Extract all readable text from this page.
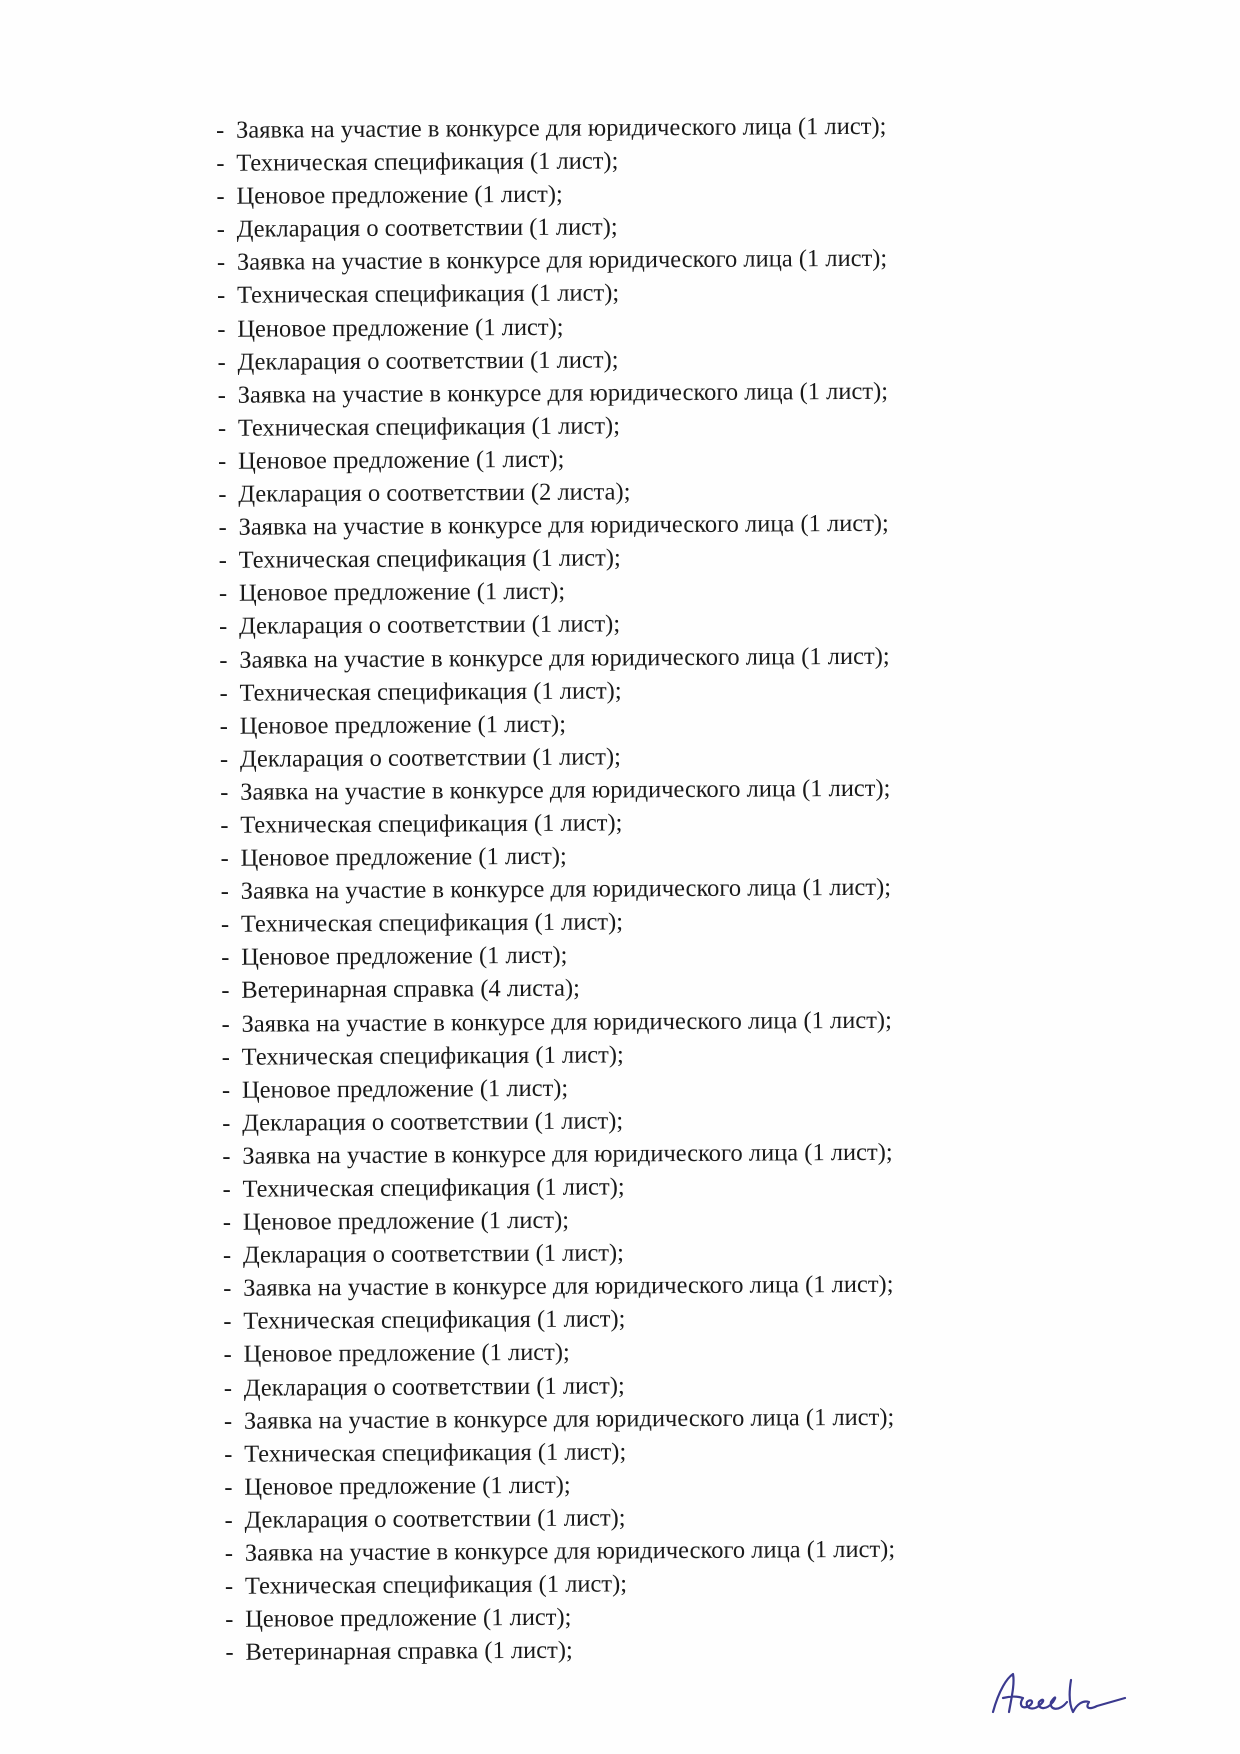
- Заявка на участие в конкурсе для юридического лица (1 лист);
- Техническая спецификация (1 лист);
- Ценовое предложение (1 лист);
- Декларация о соответствии (1 лист);
- Заявка на участие в конкурсе для юридического лица (1 лист);
- Техническая спецификация (1 лист);
- Ценовое предложение (1 лист);
- Декларация о соответствии (1 лист);
- Заявка на участие в конкурсе для юридического лица (1 лист);
- Техническая спецификация (1 лист);
- Ценовое предложение (1 лист);
- Декларация о соответствии (2 листа);
- Заявка на участие в конкурсе для юридического лица (1 лист);
- Техническая спецификация (1 лист);
- Ценовое предложение (1 лист);
- Декларация о соответствии (1 лист);
- Заявка на участие в конкурсе для юридического лица (1 лист);
- Техническая спецификация (1 лист);
- Ценовое предложение (1 лист);
- Декларация о соответствии (1 лист);
- Заявка на участие в конкурсе для юридического лица (1 лист);
- Техническая спецификация (1 лист);
- Ценовое предложение (1 лист);
- Заявка на участие в конкурсе для юридического лица (1 лист);
- Техническая спецификация (1 лист);
- Ценовое предложение (1 лист);
- Ветеринарная справка (4 листа);
- Заявка на участие в конкурсе для юридического лица (1 лист);
- Техническая спецификация (1 лист);
- Ценовое предложение (1 лист);
- Декларация о соответствии (1 лист);
- Заявка на участие в конкурсе для юридического лица (1 лист);
- Техническая спецификация (1 лист);
- Ценовое предложение (1 лист);
- Декларация о соответствии (1 лист);
- Заявка на участие в конкурсе для юридического лица (1 лист);
- Техническая спецификация (1 лист);
- Ценовое предложение (1 лист);
- Декларация о соответствии (1 лист);
- Заявка на участие в конкурсе для юридического лица (1 лист);
- Техническая спецификация (1 лист);
- Ценовое предложение (1 лист);
- Декларация о соответствии (1 лист);
- Заявка на участие в конкурсе для юридического лица (1 лист);
- Техническая спецификация (1 лист);
- Ценовое предложение (1 лист);
- Ветеринарная справка (1 лист);
